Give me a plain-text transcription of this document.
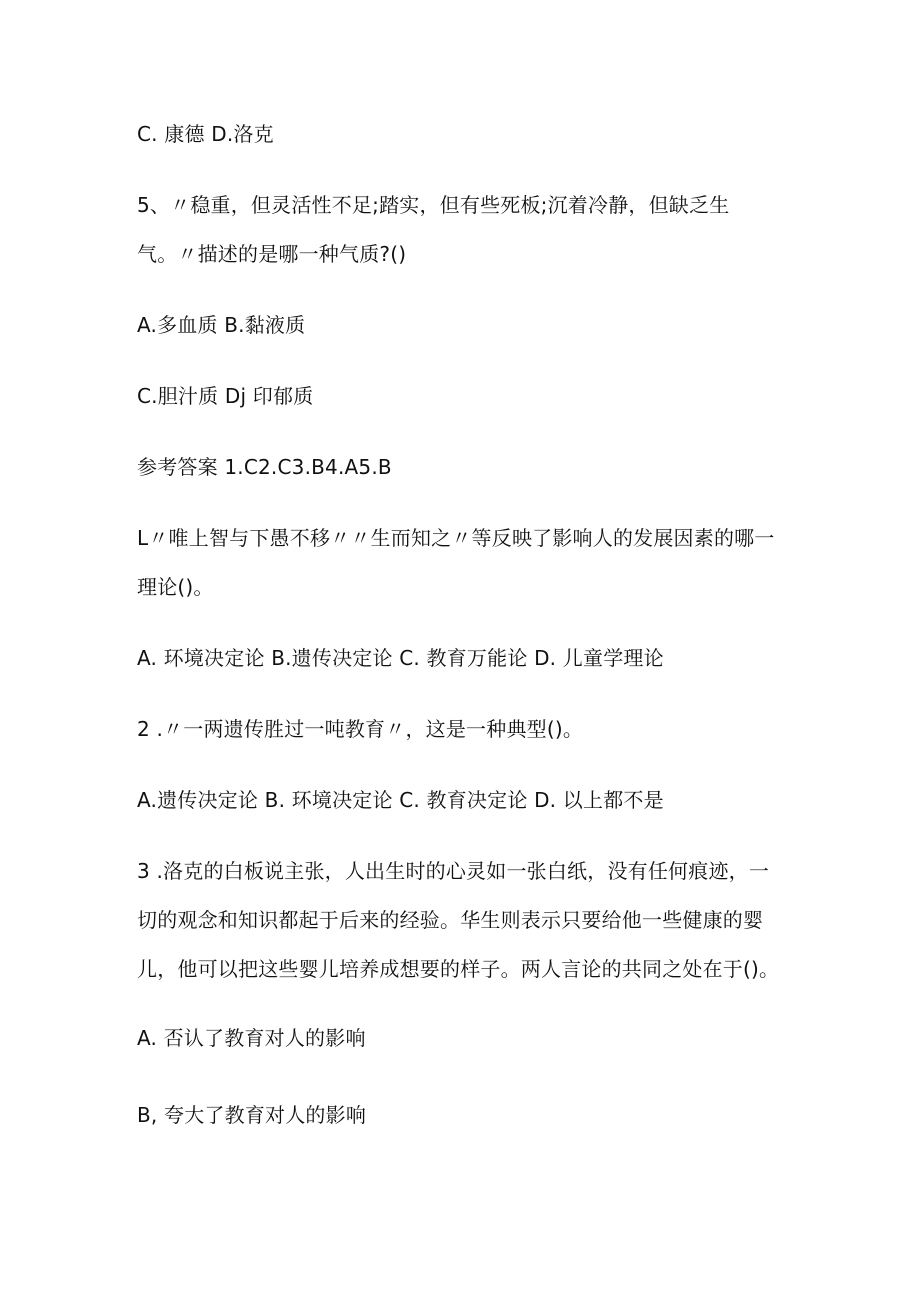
C. 康德 D.洛克
5、〃稳重，但灵活性不足;踏实，但有些死板;沉着冷静，但缺乏生
气。〃描述的是哪一种气质?()
A.多血质 B.黏液质
C.胆汁质 Dj 印郁质
参考答案 1.C2.C3.B4.A5.B
L〃唯上智与下愚不移〃〃生而知之〃等反映了影响人的发展因素的哪一
理论()。
A. 环境决定论 B.遗传决定论 C. 教育万能论 D. 儿童学理论
2 .〃一两遗传胜过一吨教育〃，这是一种典型()。
A.遗传决定论 B. 环境决定论 C. 教育决定论 D. 以上都不是
3 .洛克的白板说主张，人出生时的心灵如一张白纸，没有任何痕迹，一
切的观念和知识都起于后来的经验。华生则表示只要给他一些健康的婴
儿，他可以把这些婴儿培养成想要的样子。两人言论的共同之处在于()。
A. 否认了教育对人的影响
B, 夸大了教育对人的影响
